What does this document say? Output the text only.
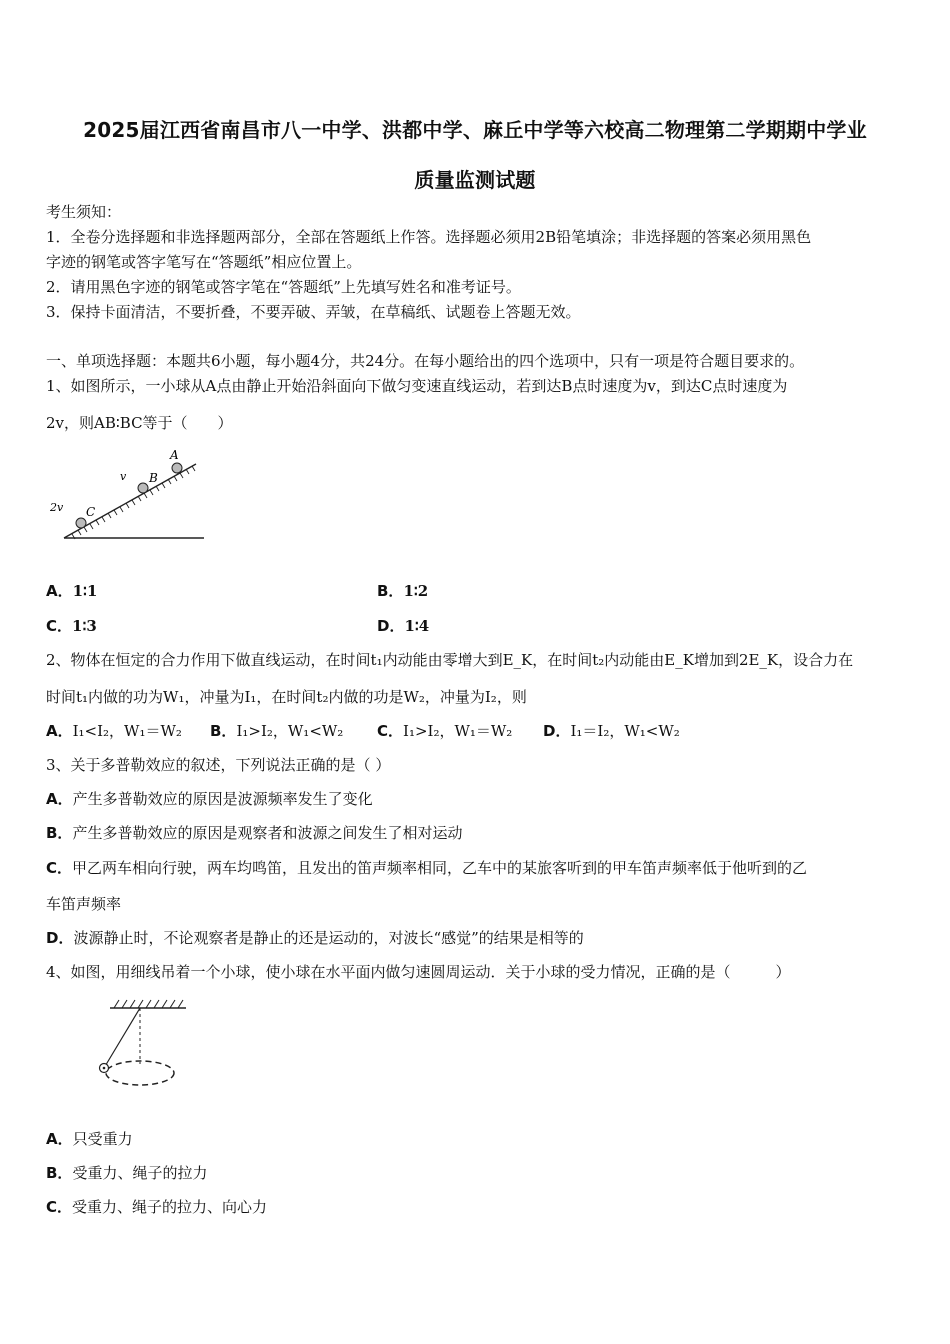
2025届江西省南昌市八一中学、洪都中学、麻丘中学等六校高二物理第二学期期中学业
质量监测试题
考生须知：
1．全卷分选择题和非选择题两部分，全部在答题纸上作答。选择题必须用2B铅笔填涂；非选择题的答案必须用黑色
字迹的钢笔或答字笔写在“答题纸”相应位置上。
2．请用黑色字迹的钢笔或答字笔在“答题纸”上先填写姓名和准考证号。
3．保持卡面清洁，不要折叠，不要弄破、弄皱，在草稿纸、试题卷上答题无效。
一、单项选择题：本题共6小题，每小题4分，共24分。在每小题给出的四个选项中，只有一项是符合题目要求的。
1、如图所示，一小球从A点由静止开始沿斜面向下做匀变速直线运动，若到达B点时速度为v，到达C点时速度为
2v，则AB∶BC等于（　　）
A
B
C
v
2v
A．1∶1	B．1∶2
C．1∶3	D．1∶4
2、物体在恒定的合力作用下做直线运动，在时间t₁内动能由零增大到E_K，在时间t₂内动能由E_K增加到2E_K，设合力在
时间t₁内做的功为W₁，冲量为I₁，在时间t₂内做的功是W₂，冲量为I₂，则
A．I₁<I₂，W₁＝W₂ B．I₁>I₂，W₁<W₂ C．I₁>I₂，W₁＝W₂ D．I₁＝I₂，W₁<W₂
3、关于多普勒效应的叙述，下列说法正确的是（ ）
A．产生多普勒效应的原因是波源频率发生了变化
B．产生多普勒效应的原因是观察者和波源之间发生了相对运动
C．甲乙两车相向行驶，两车均鸣笛，且发出的笛声频率相同，乙车中的某旅客听到的甲车笛声频率低于他听到的乙
车笛声频率
D．波源静止时，不论观察者是静止的还是运动的，对波长“感觉”的结果是相等的
4、如图，用细线吊着一个小球，使小球在水平面内做匀速圆周运动．关于小球的受力情况，正确的是（　　　）
A．只受重力
B．受重力、绳子的拉力
C．受重力、绳子的拉力、向心力
